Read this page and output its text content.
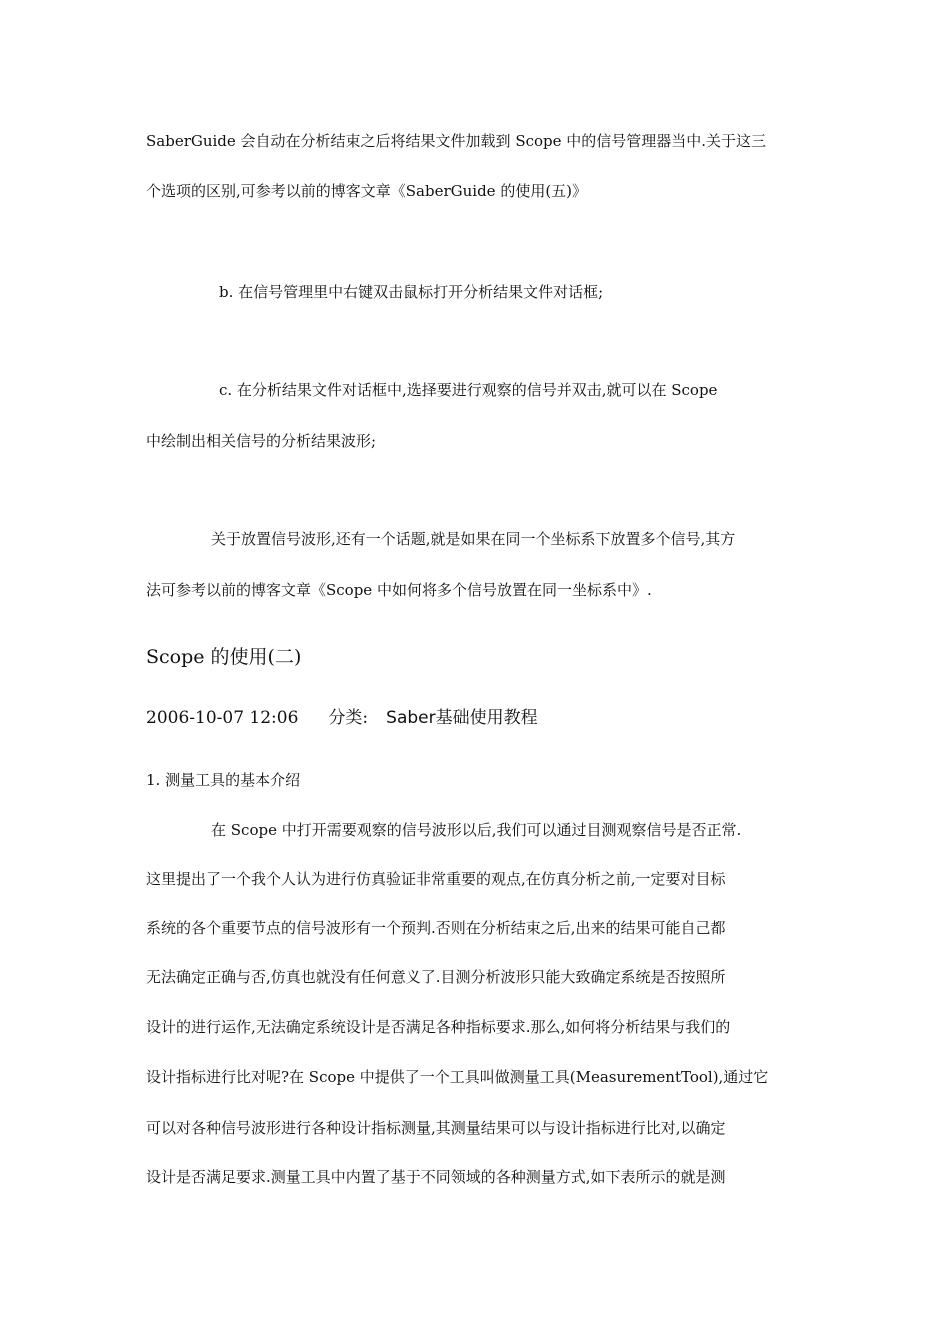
SaberGuide 会自动在分析结束之后将结果文件加载到 Scope 中的信号管理器当中.关于这三
个选项的区别,可参考以前的博客文章《SaberGuide 的使用(五)》
b. 在信号管理里中右键双击鼠标打开分析结果文件对话框;
c. 在分析结果文件对话框中,选择要进行观察的信号并双击,就可以在 Scope
中绘制出相关信号的分析结果波形;
关于放置信号波形,还有一个话题,就是如果在同一个坐标系下放置多个信号,其方
法可参考以前的博客文章《Scope 中如何将多个信号放置在同一坐标系中》.
Scope 的使用(二)
2006-10-07 12:06 分类: Saber基础使用教程
1. 测量工具的基本介绍
在 Scope 中打开需要观察的信号波形以后,我们可以通过目测观察信号是否正常.
这里提出了一个我个人认为进行仿真验证非常重要的观点,在仿真分析之前,一定要对目标
系统的各个重要节点的信号波形有一个预判.否则在分析结束之后,出来的结果可能自己都
无法确定正确与否,仿真也就没有任何意义了.目测分析波形只能大致确定系统是否按照所
设计的进行运作,无法确定系统设计是否满足各种指标要求.那么,如何将分析结果与我们的
设计指标进行比对呢?在 Scope 中提供了一个工具叫做测量工具(MeasurementTool),通过它
可以对各种信号波形进行各种设计指标测量,其测量结果可以与设计指标进行比对,以确定
设计是否满足要求.测量工具中内置了基于不同领域的各种测量方式,如下表所示的就是测
